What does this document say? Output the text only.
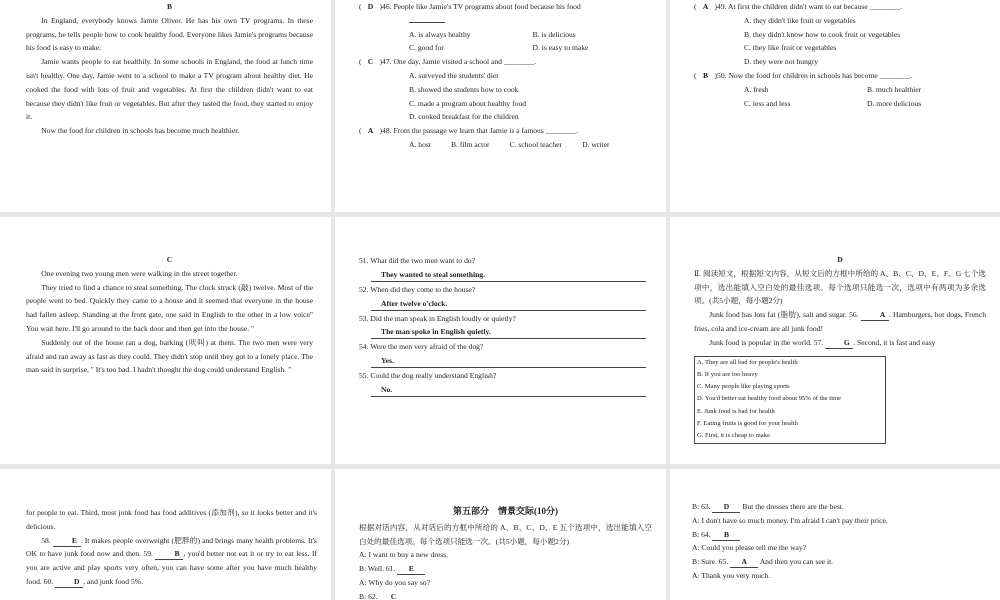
B

In England, everybody knows Jamie Oliver. He has his own TV programs. In these programs, he tells people how to cook healthy food. Everyone likes Jamie's programs because his food is easy to make.

Jamie wants people to eat healthily. In some schools in England, the food at lunch time isn't healthy. One day, Jamie went to a school to make a TV program about healthy diet. He cooked the food with lots of fruit and vegetables. At first the children didn't want to eat because they didn't like fruit or vegetables. But after they tasted the food, they started to enjoy it.

Now the food for children in schools has become much healthier.

( D )46. People like Jamie's TV programs about food because his food
A. is always healthy	B. is delicious
C. good for	D. is easy to make
( C )47. One day, Jamie visited a school and ________.
A. surveyed the students' diet
B. showed the students how to cook
C. made a program about healthy food
D. cooked breakfast for the children
( A )48. From the passage we learn that Jamie is a famous ________.
A. host	B. film actor	C. school teacher	D. writer
( A )49. At first the children didn't want to eat because ________.
A. they didn't like fruit or vegetables
B. they didn't know how to cook fruit or vegetables
C. they like fruit or vegetables
D. they were not hungry
( B )50. Now the food for children in schools has become ________.
A. fresh	B. much healthier
C. less and less	D. more delicious
C

One evening two young men were walking in the street together.

They tried to find a chance to steal something. The clock struck (敲) twelve. Most of the people went to bed. Quickly they came to a house and it seemed that everyone in the house had fallen asleep. Standing at the front gate, one said in English to the other in a low voice" You wait here. I'll go around to the back door and then get into the house. "

Suddenly out of the house ran a dog, barking (吠叫) at them. The two men were very afraid and ran away as fast as they could. They didn't stop until they got to a lonely place. The man said in surprise, " It's too bad. I hadn't thought the dog could understand English. "

51. What did the two men want to do?
They wanted to steal something.
52. When did they come to the house?
After twelve o'clock.
53. Did the man speak in English loudly or quietly?
The man spoke in English quietly.
54. Were the men very afraid of the dog?
Yes.
55. Could the dog really understand English?
No.
D

Ⅱ. 阅读短文，根据短文内容，从短文后的方框中所给的 A、B、C、D、E、F、G 七个选项中，选出能填入空白处的最佳选项。每个选项只能选一次，选项中有两项为多余选项。(共5小题，每小题2分)

Junk food has lots fat (脂肪), salt and sugar. 56.	A . Hamburgers, hot dogs, French fries, cola and ice-cream are all junk food!

Junk food is popular in the world. 57.	G . Second, it is fast and easy

A. They are all bad for people's health
B. If you are too heavy
C. Many people like playing sports
D. You'd better eat healthy food about 95% of the time
E. Junk food is bad for health
F. Eating fruits is good for your health
G. First, it is cheap to make

for people to eat. Third, most junk food has food additives (添加剂), so it looks better and it's delicious.

58.	E . It makes people overweight (肥胖的) and brings many health problems. It's OK to have junk food now and then. 59.	B , you'd better not eat it or try to eat less. If you are active and play sports very often, you can have some after you have much healthy food. 60.	D , and junk food 5%.

第五部分　情景交际(10分)

根据对话内容，从对话后的方框中所给的 A、B、C、D、E 五个选项中，选出能填入空白处的最佳选项。每个选项只能选一次。(共5小题，每小题2分)

A: I want to buy a new dress.
B: Well. 61. E
A: Why do you say so?
B: 62. C
B: 63. D But the dresses there are the best.
A: I don't have so much money. I'm afraid I can't pay their price.
B: 64. B
A: Could you please tell me the way?
B: Sure. 65. A And then you can see it.
A: Thank you very much.
